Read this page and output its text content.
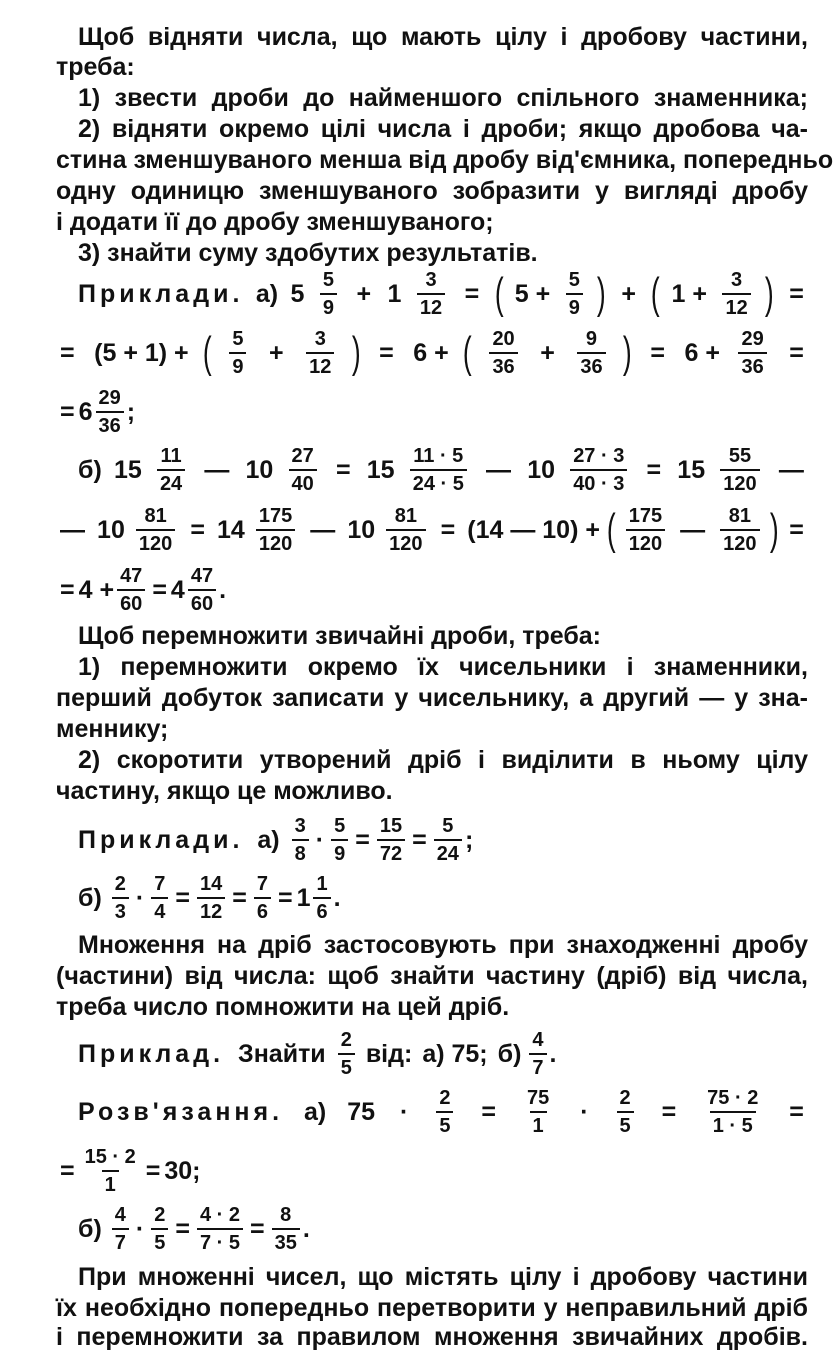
Щоб відняти числа, що мають цілу і дробову частини,
треба:
1) звести дроби до найменшого спільного знаменника;
2) відняти окремо цілі числа і дроби; якщо дробова ча-
стина зменшуваного менша від дробу від'ємника, попередньо
одну одиницю зменшуваного зобразити у вигляді дробу
і додати її до дробу зменшуваного;
3) знайти суму здобутих результатів.
Приклади. а) 5 5
9
+ $1 \frac{3}{12}$ = ( $5 + \frac{5}{9}$ ) + ( $1 + \frac{3}{12}$ ) =
= (5 + 1) + ( 5
9
+ $\frac{3}{12}$ ) = 6 + ( 20
36
+ $\frac{9}{36}$ ) = $6 + \frac{29}{36}$ =
= 6 29
36
;
б) 15 11
24
— $10 \frac{27}{40} = 15$ 11 · 5
24 · 5
— $10 \frac{27 \cdot 3}{40 \cdot 3} = 15$ 55
120
—
— $10 \frac{81}{120} = 14$ 175
120
— $10 \frac{81}{120} = (14$ — 10) + ( 175
120
— 81
120 ) =
= $4 + \frac{47}{60} = 4$ 47
60
.
Щоб перемножити звичайні дроби, треба:
1) перемножити окремо їх чисельники і знаменники,
перший добуток записати у чисельнику, а другий — у зна-
меннику;
2) скоротити утворений дріб і виділити в ньому цілу
частину, якщо це можливо.
Приклади. а) 3
8
· $\frac{5}{9} = \frac{15}{72} = \frac{5}{24}$ ;
б) 2
3
· $\frac{7}{4} = \frac{14}{12} = \frac{7}{6} = 1$ 1
6
.
Множення на дріб застосовують при знаходженні дробу
(частини) від числа: щоб знайти частину (дріб) від числа,
треба число помножити на цей дріб.
Приклад. Знайти 2
5
від: а) 75; б) 4
7
.
Розв'язання. а) $75 \cdot \frac{2}{5} = \frac{75}{1} \cdot \frac{2}{5} = \frac{75 \cdot 2}{1 \cdot 5}$ =
= $\frac{15 \cdot 2}{1} = 30$;
б) 4
7
· $\frac{2}{5} = \frac{4 \cdot 2}{7 \cdot 5} = \frac{8}{35}$ .
При множенні чисел, що містять цілу і дробову частини
їх необхідно попередньо перетворити у неправильний дріб
і перемножити за правилом множення звичайних дробів.
